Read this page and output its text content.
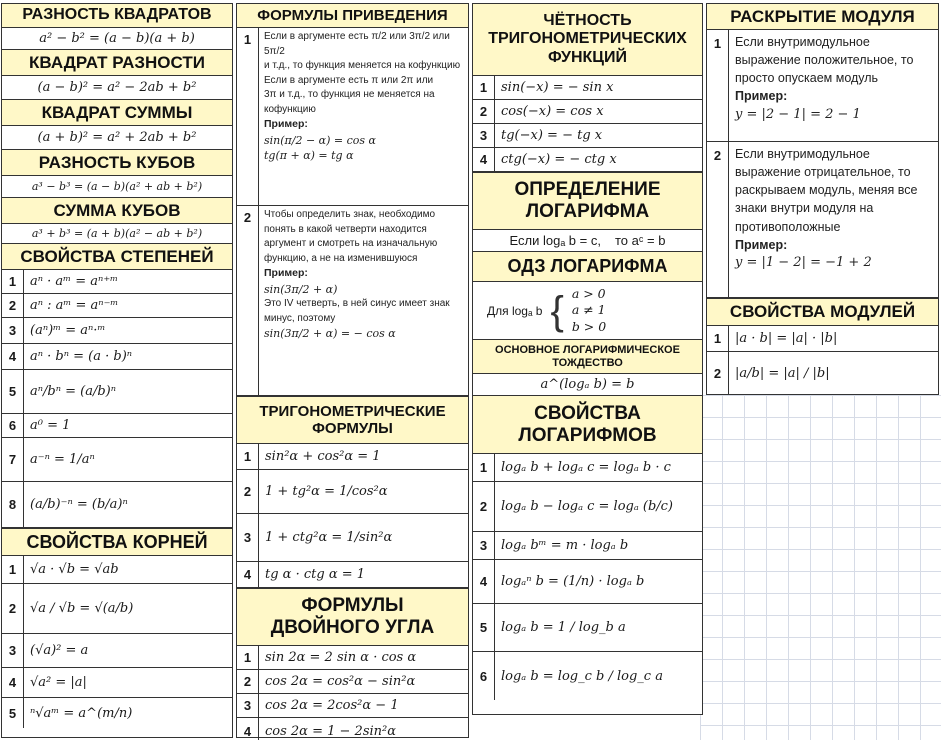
РАЗНОСТЬ КВАДРАТОВ
a² − b² = (a − b)(a + b)
КВАДРАТ РАЗНОСТИ
(a − b)² = a² − 2ab + b²
КВАДРАТ СУММЫ
(a + b)² = a² + 2ab + b²
РАЗНОСТЬ КУБОВ
a³ − b³ = (a − b)(a² + ab + b²)
СУММА КУБОВ
a³ + b³ = (a + b)(a² − ab + b²)
СВОЙСТВА СТЕПЕНЕЙ
1	aⁿ · aᵐ = aⁿ⁺ᵐ
2	aⁿ : aᵐ = aⁿ⁻ᵐ
3	(aⁿ)ᵐ = aⁿ·ᵐ
4	aⁿ · bⁿ = (a · b)ⁿ
5	aⁿ/bⁿ = (a/b)ⁿ
6	a⁰ = 1
7	a⁻ⁿ = 1/aⁿ
8	(a/b)⁻ⁿ = (b/a)ⁿ
СВОЙСТВА КОРНЕЙ
1	√a · √b = √ab
2	√a / √b = √(a/b)
3	(√a)² = a
4	√a² = |a|
5	ⁿ√aᵐ = a^(m/n)
ФОРМУЛЫ ПРИВЕДЕНИЯ
1	Если в аргументе есть π/2 или 3π/2 или 5π/2
и т.д., то функция меняется на кофункцию
Если в аргументе есть π или 2π или
3π и т.д., то функция не меняется на кофункцию
Пример:
sin(π/2 − α) = cos α
tg(π + α) = tg α
2	Чтобы определить знак, необходимо понять в какой четверти находится аргумент и смотреть на изначальную функцию, а не на изменившуюся
Пример:
sin(3π/2 + α)
Это IV четверть, в ней синус имеет знак минус, поэтому
sin(3π/2 + α) = − cos α
ТРИГОНОМЕТРИЧЕСКИЕ ФОРМУЛЫ
1	sin²α + cos²α = 1
2	1 + tg²α = 1/cos²α
3	1 + ctg²α = 1/sin²α
4	tg α · ctg α = 1
ФОРМУЛЫ ДВОЙНОГО УГЛА
1	sin 2α = 2 sin α · cos α
2	cos 2α = cos²α − sin²α
3	cos 2α = 2cos²α − 1
4	cos 2α = 1 − 2sin²α
ЧЁТНОСТЬ ТРИГОНОМЕТРИЧЕСКИХ ФУНКЦИЙ
1	sin(−x) = − sin x
2	cos(−x) = cos x
3	tg(−x) = − tg x
4	ctg(−x) = − ctg x
ОПРЕДЕЛЕНИЕ ЛОГАРИФМА
Если logₐ b = c, то aᶜ = b
ОДЗ ЛОГАРИФМА
Для logₐ b { a > 0
a ≠ 1
b > 0
ОСНОВНОЕ ЛОГАРИФМИЧЕСКОЕ ТОЖДЕСТВО
a^(logₐ b) = b
СВОЙСТВА ЛОГАРИФМОВ
1	logₐ b + logₐ c = logₐ b · c
2	logₐ b − logₐ c = logₐ (b/c)
3	logₐ bᵐ = m · logₐ b
4	logₐⁿ b = (1/n) · logₐ b
5	logₐ b = 1 / log_b a
6	logₐ b = log_c b / log_c a
РАСКРЫТИЕ МОДУЛЯ
1	Если внутримодульное выражение положительное, то просто опускаем модуль
Пример:
y = |2 − 1| = 2 − 1
2	Если внутримодульное выражение отрицательное, то раскрываем модуль, меняя все знаки внутри модуля на противоположные
Пример:
y = |1 − 2| = −1 + 2
СВОЙСТВА МОДУЛЕЙ
1	|a · b| = |a| · |b|
2	|a/b| = |a| / |b|
